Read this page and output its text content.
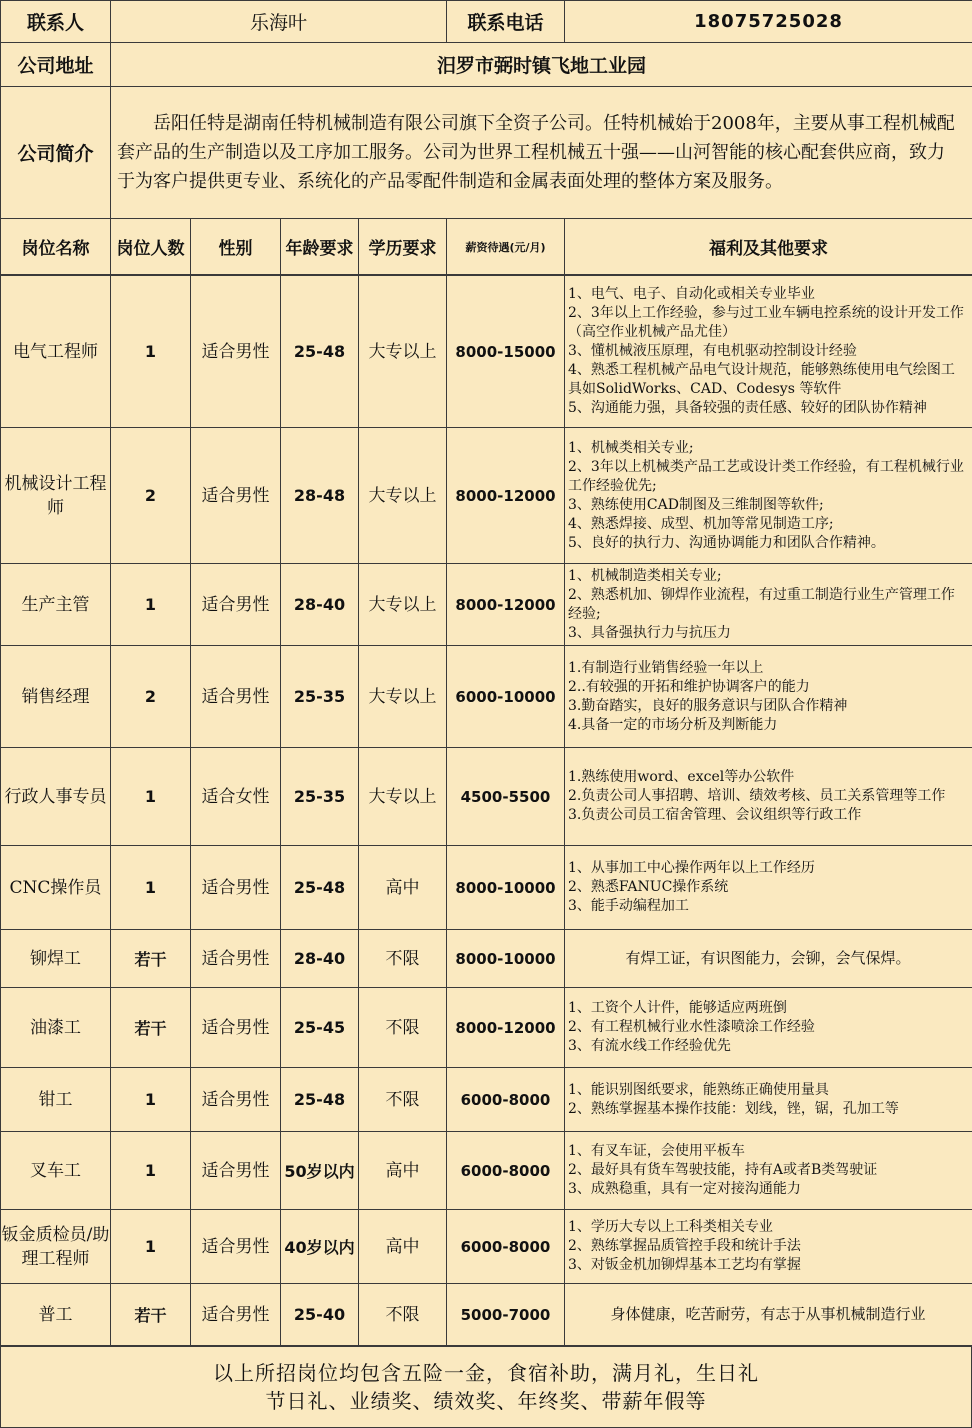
联系人	乐海叶				联系电话	18075725028
公司地址	汨罗市弼时镇飞地工业园					
公司简介	岳阳任特是湖南任特机械制造有限公司旗下全资子公司。任特机械始于2008年，主要从事工程机械配套产品的生产制造以及工序加工服务。公司为世界工程机械五十强——山河智能的核心配套供应商，致力于为客户提供更专业、系统化的产品零配件制造和金属表面处理的整体方案及服务。					
岗位名称	岗位人数	性别	年龄要求	学历要求	薪资待遇(元/月)	福利及其他要求
电气工程师	1	适合男性	25-48	大专以上	8000-15000	1、电气、电子、自动化或相关专业毕业
2、3年以上工作经验，参与过工业车辆电控系统的设计开发工作（高空作业机械产品尤佳）
3、懂机械液压原理，有电机驱动控制设计经验
4、熟悉工程机械产品电气设计规范，能够熟练使用电气绘图工具如SolidWorks、CAD、Codesys 等软件
5、沟通能力强，具备较强的责任感、较好的团队协作精神

机械设计工程师	2	适合男性	28-48	大专以上	8000-12000	1、机械类相关专业;
2、3年以上机械类产品工艺或设计类工作经验，有工程机械行业工作经验优先;
3、熟练使用CAD制图及三维制图等软件;
4、熟悉焊接、成型、机加等常见制造工序;
5、良好的执行力、沟通协调能力和团队合作精神。

生产主管	1	适合男性	28-40	大专以上	8000-12000	1、机械制造类相关专业;
2、熟悉机加、铆焊作业流程，有过重工制造行业生产管理工作经验;
3、具备强执行力与抗压力

销售经理	2	适合男性	25-35	大专以上	6000-10000	1.有制造行业销售经验一年以上
2..有较强的开拓和维护协调客户的能力
3.勤奋踏实，良好的服务意识与团队合作精神
4.具备一定的市场分析及判断能力

行政人事专员	1	适合女性	25-35	大专以上	4500-5500	1.熟练使用word、excel等办公软件
2.负责公司人事招聘、培训、绩效考核、员工关系管理等工作
3.负责公司员工宿舍管理、会议组织等行政工作

CNC操作员	1	适合男性	25-48	高中	8000-10000	1、从事加工中心操作两年以上工作经历
2、熟悉FANUC操作系统
3、能手动编程加工

铆焊工	若干	适合男性	28-40	不限	8000-10000	有焊工证，有识图能力，会铆，会气保焊。

油漆工	若干	适合男性	25-45	不限	8000-12000	1、工资个人计件，能够适应两班倒
2、有工程机械行业水性漆喷涂工作经验
3、有流水线工作经验优先

钳工	1	适合男性	25-48	不限	6000-8000	1、能识别图纸要求，能熟练正确使用量具
2、熟练掌握基本操作技能：划线，锉，锯，孔加工等

叉车工	1	适合男性	50岁以内	高中	6000-8000	1、有叉车证，会使用平板车
2、最好具有货车驾驶技能，持有A或者B类驾驶证
3、成熟稳重，具有一定对接沟通能力

钣金质检员/助理工程师	1	适合男性	40岁以内	高中	6000-8000	1、学历大专以上工科类相关专业
2、熟练掌握品质管控手段和统计手法
3、对钣金机加铆焊基本工艺均有掌握

普工	若干	适合男性	25-40	不限	5000-7000	身体健康，吃苦耐劳，有志于从事机械制造行业
以上所招岗位均包含五险一金，食宿补助，满月礼，生日礼
节日礼、业绩奖、绩效奖、年终奖、带薪年假等
